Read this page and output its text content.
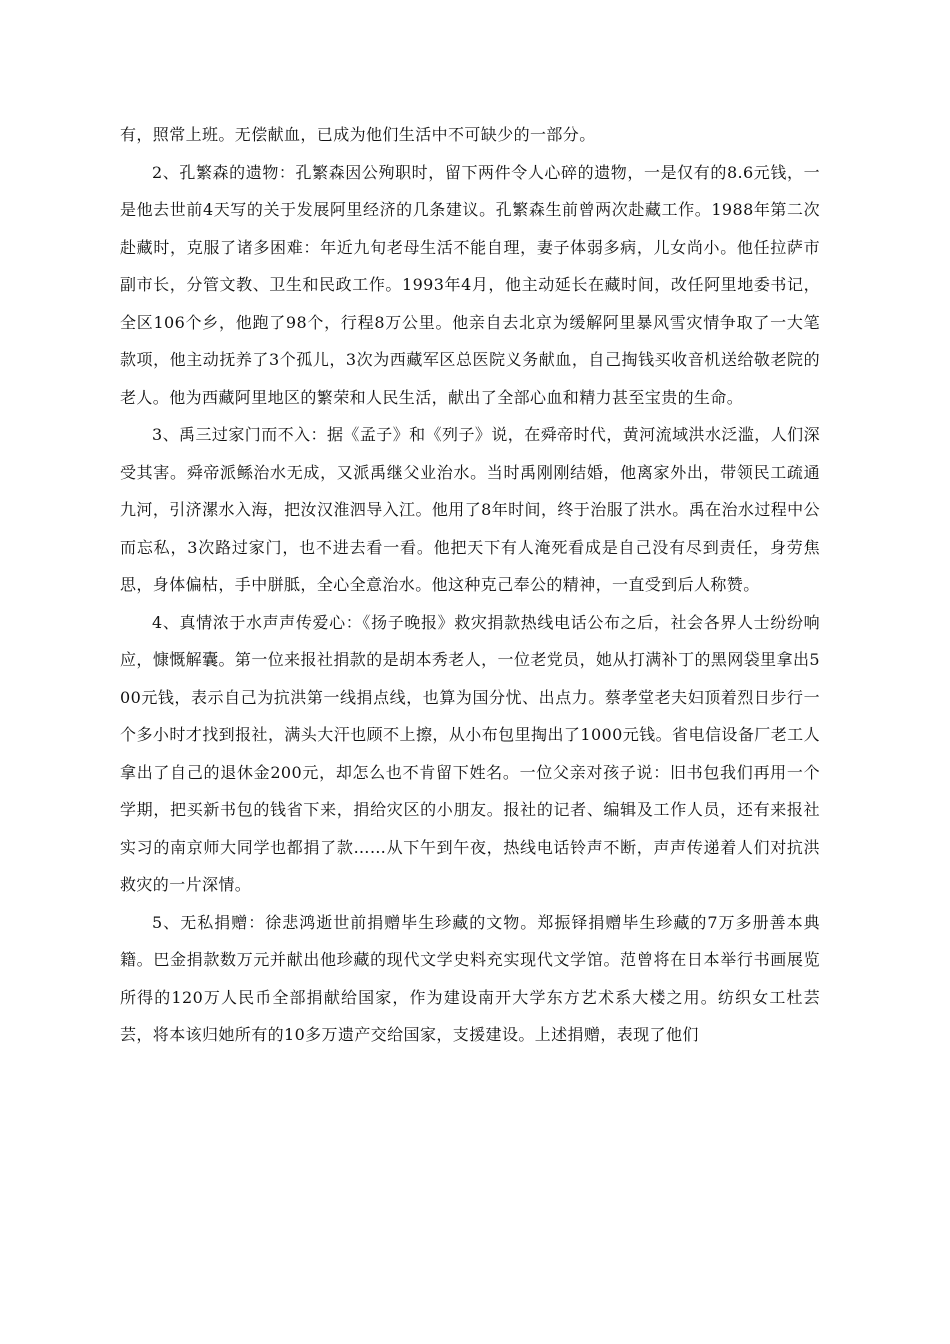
有，照常上班。无偿献血，已成为他们生活中不可缺少的一部分。

2、孔繁森的遗物：孔繁森因公殉职时，留下两件令人心碎的遗物，一是仅有的8.6元钱，一是他去世前4天写的关于发展阿里经济的几条建议。孔繁森生前曾两次赴藏工作。1988年第二次赴藏时，克服了诸多困难：年近九旬老母生活不能自理，妻子体弱多病，儿女尚小。他任拉萨市副市长，分管文教、卫生和民政工作。1993年4月，他主动延长在藏时间，改任阿里地委书记，全区106个乡，他跑了98个，行程8万公里。他亲自去北京为缓解阿里暴风雪灾情争取了一大笔款项，他主动抚养了3个孤儿，3次为西藏军区总医院义务献血，自己掏钱买收音机送给敬老院的老人。他为西藏阿里地区的繁荣和人民生活，献出了全部心血和精力甚至宝贵的生命。

3、禹三过家门而不入：据《孟子》和《列子》说，在舜帝时代，黄河流域洪水泛滥，人们深受其害。舜帝派鲧治水无成，又派禹继父业治水。当时禹刚刚结婚，他离家外出，带领民工疏通九河，引济漯水入海，把汝汉淮泗导入江。他用了8年时间，终于治服了洪水。禹在治水过程中公而忘私，3次路过家门，也不进去看一看。他把天下有人淹死看成是自己没有尽到责任，身劳焦思，身体偏枯，手中胼胝，全心全意治水。他这种克己奉公的精神，一直受到后人称赞。

4、真情浓于水声声传爱心：《扬子晚报》救灾捐款热线电话公布之后，社会各界人士纷纷响应，慷慨解囊。第一位来报社捐款的是胡本秀老人，一位老党员，她从打满补丁的黑网袋里拿出500元钱，表示自己为抗洪第一线捐点线，也算为国分忧、出点力。蔡孝堂老夫妇顶着烈日步行一个多小时才找到报社，满头大汗也顾不上擦，从小布包里掏出了1000元钱。省电信设备厂老工人拿出了自己的退休金200元，却怎么也不肯留下姓名。一位父亲对孩子说：旧书包我们再用一个学期，把买新书包的钱省下来，捐给灾区的小朋友。报社的记者、编辑及工作人员，还有来报社实习的南京师大同学也都捐了款……从下午到午夜，热线电话铃声不断，声声传递着人们对抗洪救灾的一片深情。

5、无私捐赠：徐悲鸿逝世前捐赠毕生珍藏的文物。郑振铎捐赠毕生珍藏的7万多册善本典籍。巴金捐款数万元并献出他珍藏的现代文学史料充实现代文学馆。范曾将在日本举行书画展览所得的120万人民币全部捐献给国家，作为建设南开大学东方艺术系大楼之用。纺织女工杜芸芸，将本该归她所有的10多万遗产交给国家，支援建设。上述捐赠，表现了他们
